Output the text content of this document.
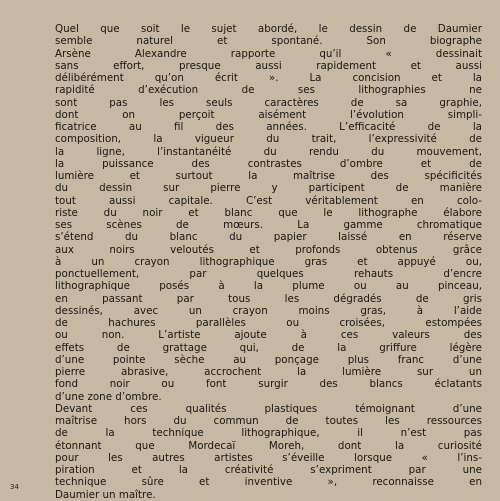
Quel que soit le sujet abordé, le dessin de Daumier
semble naturel et spontané. Son biographe
Arsène Alexandre rapporte qu’il « dessinait
sans effort, presque aussi rapidement et aussi
délibérément qu’on écrit ». La concision et la
rapidité d’exécution de ses lithographies ne
sont pas les seuls caractères de sa graphie,
dont on perçoit aisément l’évolution simpli-
ficatrice au fil des années. L’efficacité de la
composition, la vigueur du trait, l’expressivité de
la ligne, l’instantanéité du rendu du mouvement,
la puissance des contrastes d’ombre et de
lumière et surtout la maîtrise des spécificités
du dessin sur pierre y participent de manière
tout aussi capitale. C’est véritablement en colo-
riste du noir et blanc que le lithographe élabore
ses scènes de mœurs. La gamme chromatique
s’étend du blanc du papier laissé en réserve
aux noirs veloutés et profonds obtenus grâce
à un crayon lithographique gras et appuyé ou,
ponctuellement, par quelques rehauts d’encre
lithographique posés à la plume ou au pinceau,
en passant par tous les dégradés de gris
dessinés, avec un crayon moins gras, à l’aide
de hachures parallèles ou croisées, estompées
ou non. L’artiste ajoute à ces valeurs des
effets de grattage qui, de la griffure légère
d’une pointe sèche au ponçage plus franc d’une
pierre abrasive, accrochent la lumière sur un
fond noir ou font surgir des blancs éclatants
d’une zone d’ombre.
Devant ces qualités plastiques témoignant d’une
maîtrise hors du commun de toutes les ressources
de la technique lithographique, il n’est pas
étonnant que Mordecaï Moreh, dont la curiosité
pour les autres artistes s’éveille lorsque « l’ins-
piration et la créativité s’expriment par une
technique sûre et inventive », reconnaisse en
Daumier un maître.
34
